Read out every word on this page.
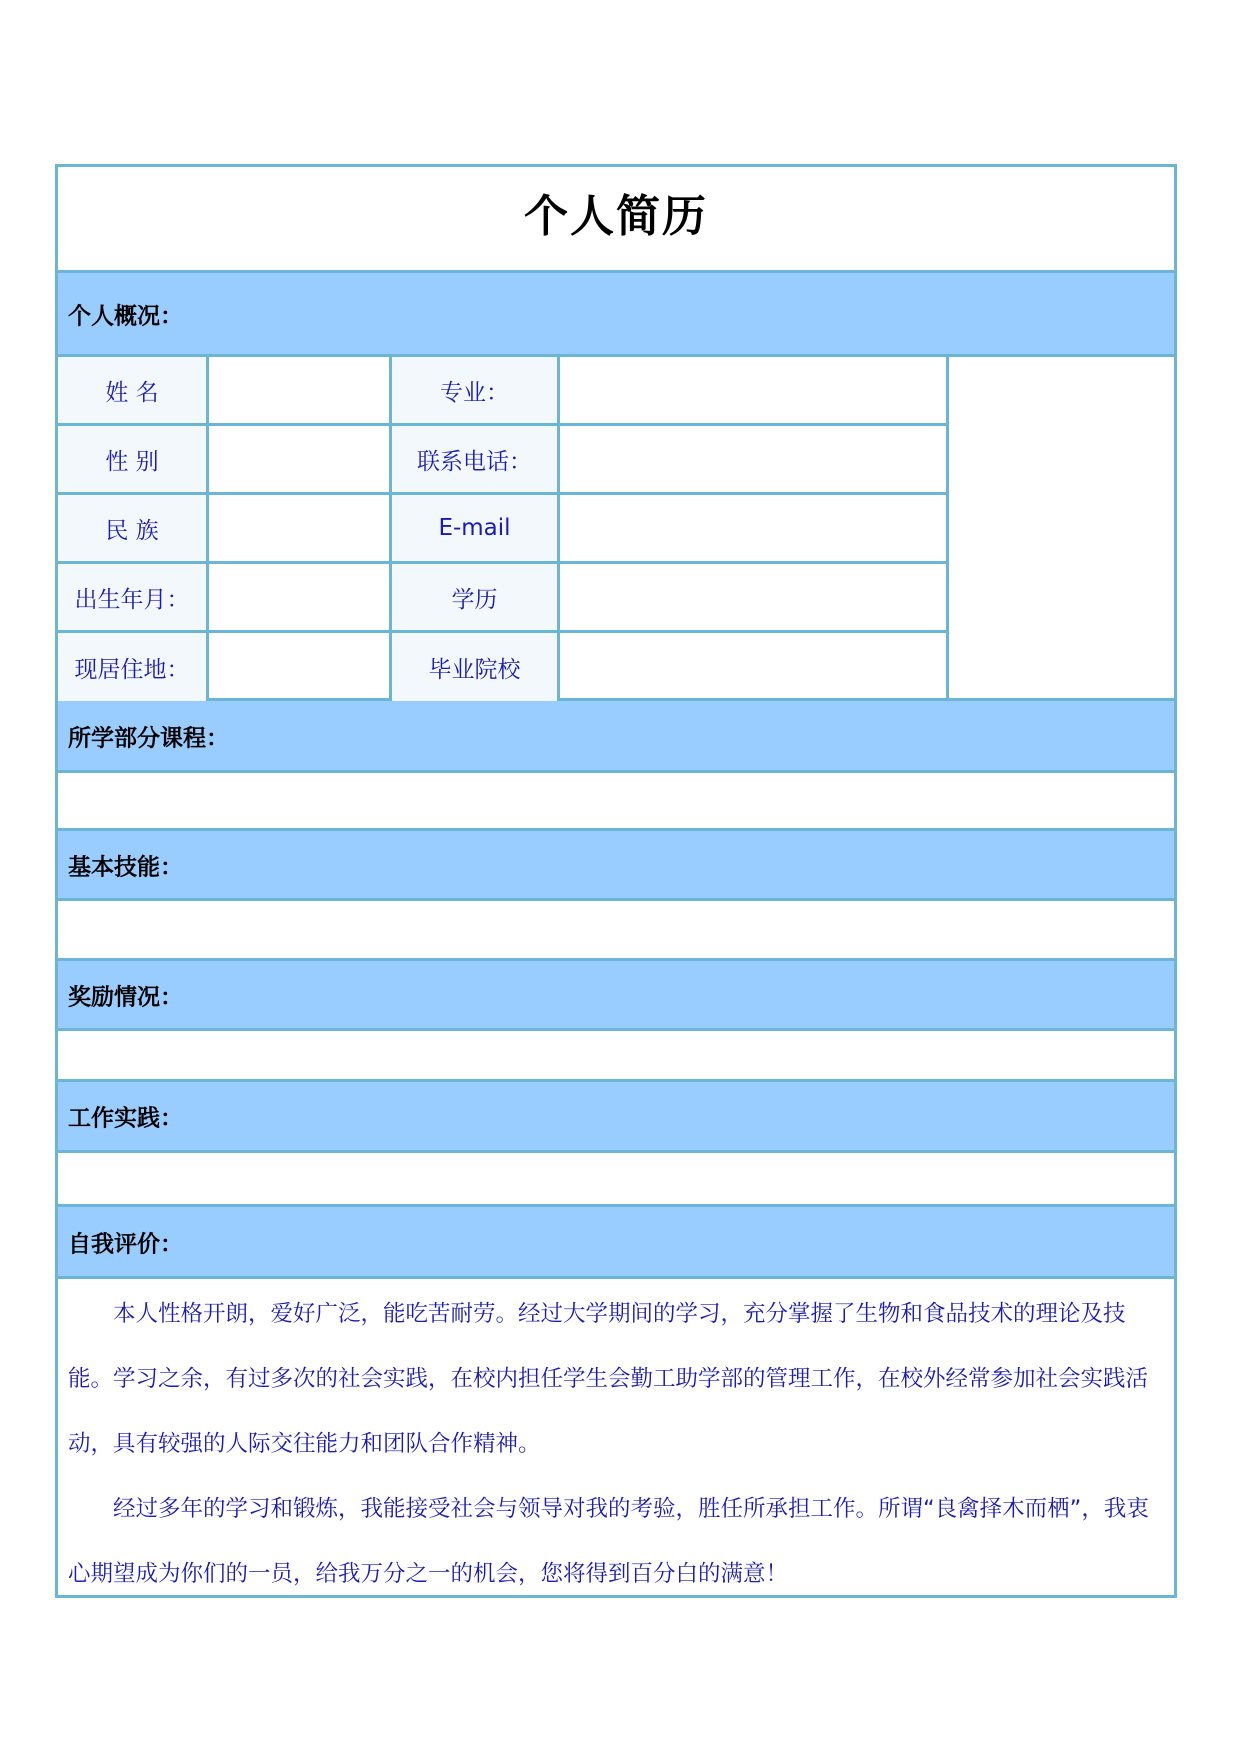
个人简历
个人概况：
姓 名	专业：
性 别	联系电话：
民 族	E-mail
出生年月：	学历
现居住地：	毕业院校
所学部分课程：
基本技能：
奖励情况：
工作实践：
自我评价：

本人性格开朗，爱好广泛，能吃苦耐劳。经过大学期间的学习，充分掌握了生物和食品技术的理论及技能。学习之余，有过多次的社会实践，在校内担任学生会勤工助学部的管理工作，在校外经常参加社会实践活动，具有较强的人际交往能力和团队合作精神。

经过多年的学习和锻炼，我能接受社会与领导对我的考验，胜任所承担工作。所谓“良禽择木而栖”，我衷心期望成为你们的一员，给我万分之一的机会，您将得到百分白的满意！
